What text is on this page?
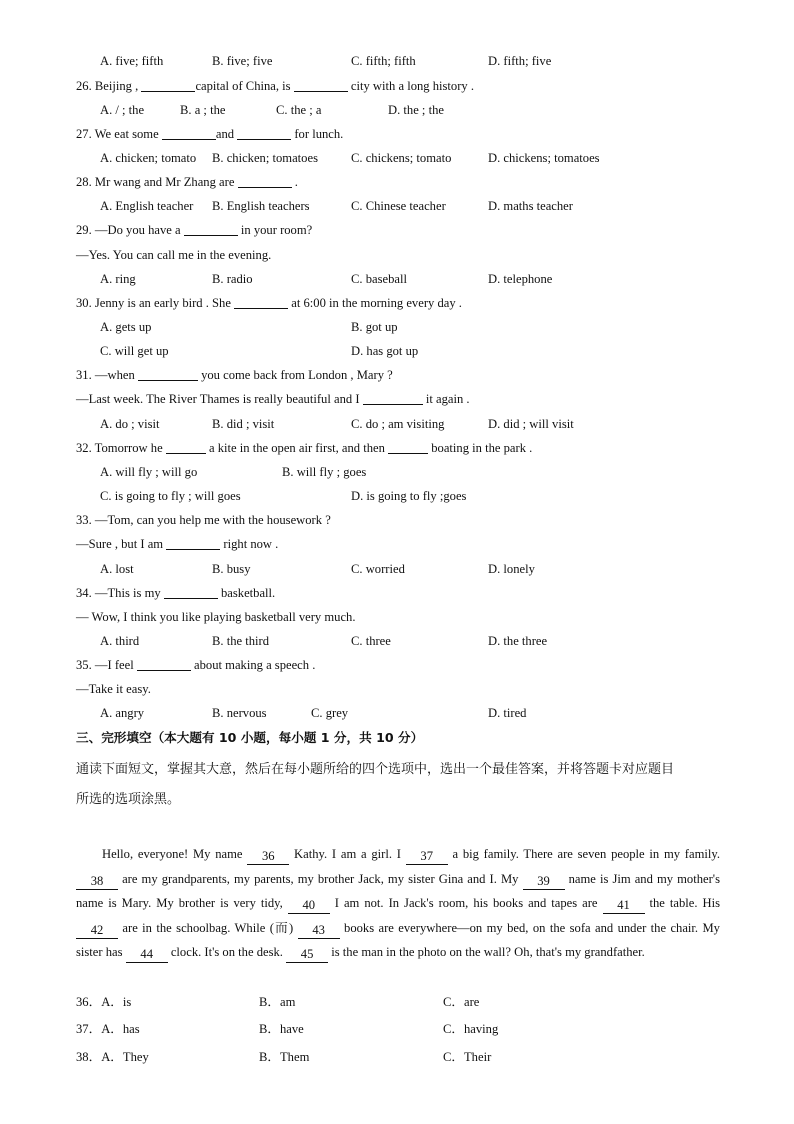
A. five; fifth	B. five; five	C. fifth; fifth	D. fifth; five
26. Beijing ,	capital of China, is	city with a long history .
A. / ; the	B. a ; the	C. the ; a	D. the ; the
27. We eat some	and	for lunch.
A. chicken; tomato B. chicken; tomatoes	C. chickens; tomato	D. chickens; tomatoes
28. Mr wang and Mr Zhang are	.
A. English teacher B. English teachers	C. Chinese teacher	D. maths teacher
29. —Do you have a	in your room?
—Yes. You can call me in the evening.
A. ring	B. radio	C. baseball	D. telephone
30. Jenny is an early bird . She	at 6:00 in the morning every day .
A. gets up	B. got up
C. will get up	D. has got up
31. —when	you come back from London , Mary ?
—Last week. The River Thames is really beautiful and I	it again .
A. do ; visit	B. did ; visit	C. do ; am visiting	D. did ; will visit
32. Tomorrow he	a kite in the open air first, and then	boating in the park .
A. will fly ; will go	B. will fly ; goes
C. is going to fly ; will goes	D. is going to fly ;goes
33. —Tom, can you help me with the housework ?
—Sure , but I am	right now .
A. lost	B. busy	C. worried	D. lonely
34. —This is my	basketball.
— Wow, I think you like playing basketball very much.
A. third	B. the third	C. three	D. the three
35. —I feel	about making a speech .
—Take it easy.
A. angry	B. nervous	C. grey	D. tired
三、完形填空（本大题有 10 小题，每小题 1 分，共 10 分）
通读下面短文，掌握其大意，然后在每小题所给的四个选项中，选出一个最佳答案，并将答题卡对应题目
所选的选项涂黑。
Hello, everyone! My name 36 Kathy. I am a girl. I 37 a big family. There are seven people in my family. 38 are my grandparents, my parents, my brother Jack, my sister Gina and I. My 39 name is Jim and my mother's name is Mary. My brother is very tidy, 40 I am not. In Jack's room, his books and tapes are 41 the table. His 42 are in the schoolbag. While (而) 43 books are everywhere—on my bed, on the sofa and under the chair. My sister has 44 clock. It's on the desk. 45 is the man in the photo on the wall? Oh, that's my grandfather.
36．A．is	B．am	C．are
37．A．has	B．have	C．having
38．A．They	B．Them	C．Their
